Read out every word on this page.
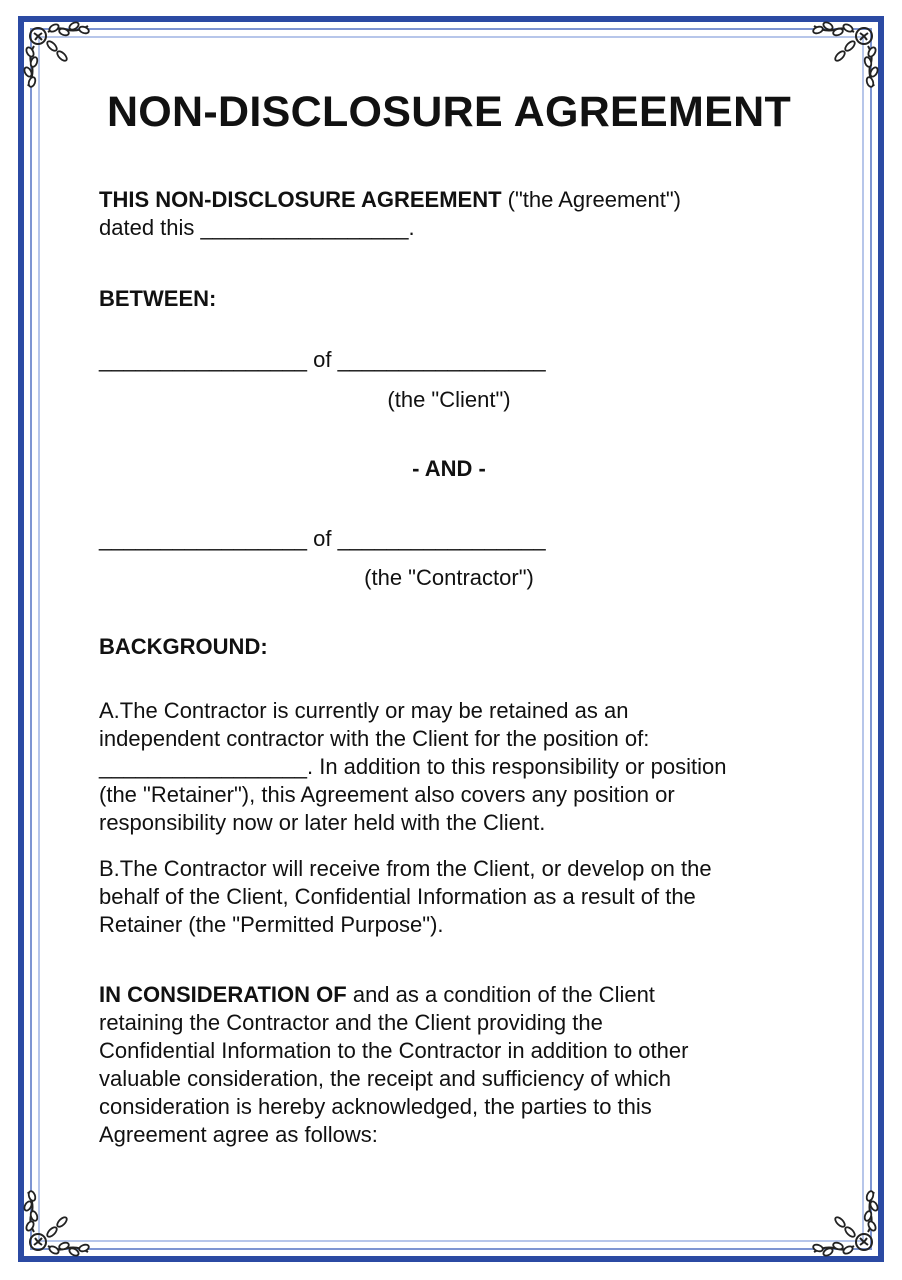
NON-DISCLOSURE AGREEMENT

THIS NON-DISCLOSURE AGREEMENT ("the Agreement")

dated this _________________.

BETWEEN:

_________________ of _________________

(the "Client")

- AND -

_________________ of _________________

(the "Contractor")

BACKGROUND:

A.The Contractor is currently or may be retained as an

independent contractor with the Client for the position of:

_________________. In addition to this responsibility or position

(the "Retainer"), this Agreement also covers any position or

responsibility now or later held with the Client.

B.The Contractor will receive from the Client, or develop on the

behalf of the Client, Confidential Information as a result of the

Retainer (the "Permitted Purpose").

IN CONSIDERATION OF and as a condition of the Client

retaining the Contractor and the Client providing the

Confidential Information to the Contractor in addition to other

valuable consideration, the receipt and sufficiency of which

consideration is hereby acknowledged, the parties to this

Agreement agree as follows:
